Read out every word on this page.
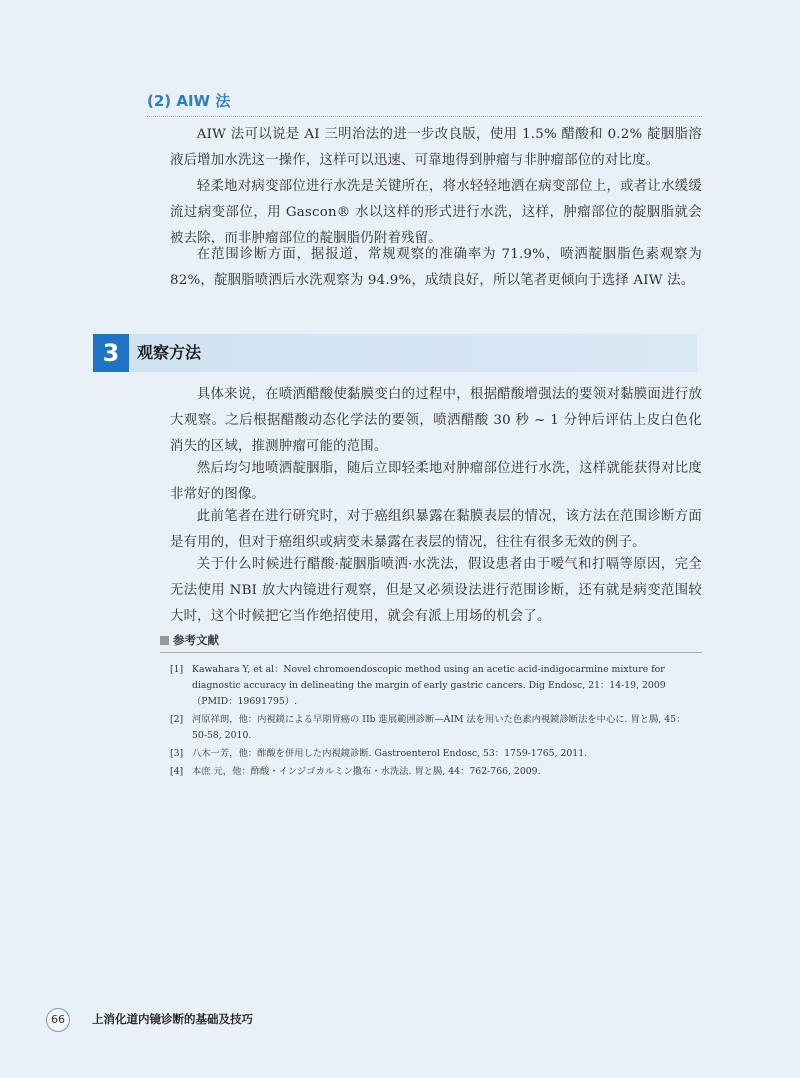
(2) AIW 法

AIW 法可以说是 AI 三明治法的进一步改良版，使用 1.5% 醋酸和 0.2% 靛胭脂溶液后增加水洗这一操作，这样可以迅速、可靠地得到肿瘤与非肿瘤部位的对比度。

轻柔地对病变部位进行水洗是关键所在，将水轻轻地洒在病变部位上，或者让水缓缓流过病变部位，用 Gascon® 水以这样的形式进行水洗，这样，肿瘤部位的靛胭脂就会被去除，而非肿瘤部位的靛胭脂仍附着残留。

在范围诊断方面，据报道，常规观察的准确率为 71.9%，喷洒靛胭脂色素观察为 82%，靛胭脂喷洒后水洗观察为 94.9%，成绩良好，所以笔者更倾向于选择 AIW 法。

3	观察方法

具体来说，在喷洒醋酸使黏膜变白的过程中，根据醋酸增强法的要领对黏膜面进行放大观察。之后根据醋酸动态化学法的要领，喷洒醋酸 30 秒 ~ 1 分钟后评估上皮白色化消失的区域，推测肿瘤可能的范围。

然后均匀地喷洒靛胭脂，随后立即轻柔地对肿瘤部位进行水洗，这样就能获得对比度非常好的图像。

此前笔者在进行研究时，对于癌组织暴露在黏膜表层的情况，该方法在范围诊断方面是有用的，但对于癌组织或病变未暴露在表层的情况，往往有很多无效的例子。

关于什么时候进行醋酸·靛胭脂喷洒·水洗法，假设患者由于嗳气和打嗝等原因，完全无法使用 NBI 放大内镜进行观察，但是又必须设法进行范围诊断，还有就是病变范围较大时，这个时候把它当作绝招使用，就会有派上用场的机会了。

参考文献
[1] Kawahara Y, et al：Novel chromoendoscopic method using an acetic acid-indigocarmine mixture for diagnostic accuracy in delineating the margin of early gastric cancers. Dig Endosc, 21：14-19, 2009（PMID：19691795）.
[2] 河原祥朗，他：内視鏡による早期胃癌の IIb 進展範囲診断—AIM 法を用いた色素内視鏡診断法を中心に. 胃と腸, 45：50-58, 2010.
[3] 八木一芳，他：酢酸を併用した内視鏡診断. Gastroenterol Endosc, 53：1759-1765, 2011.
[4] 本庶 元，他：酢酸・インジゴカルミン撒布・水洗法. 胃と腸, 44：762-766, 2009.
66	上消化道内镜诊断的基础及技巧
